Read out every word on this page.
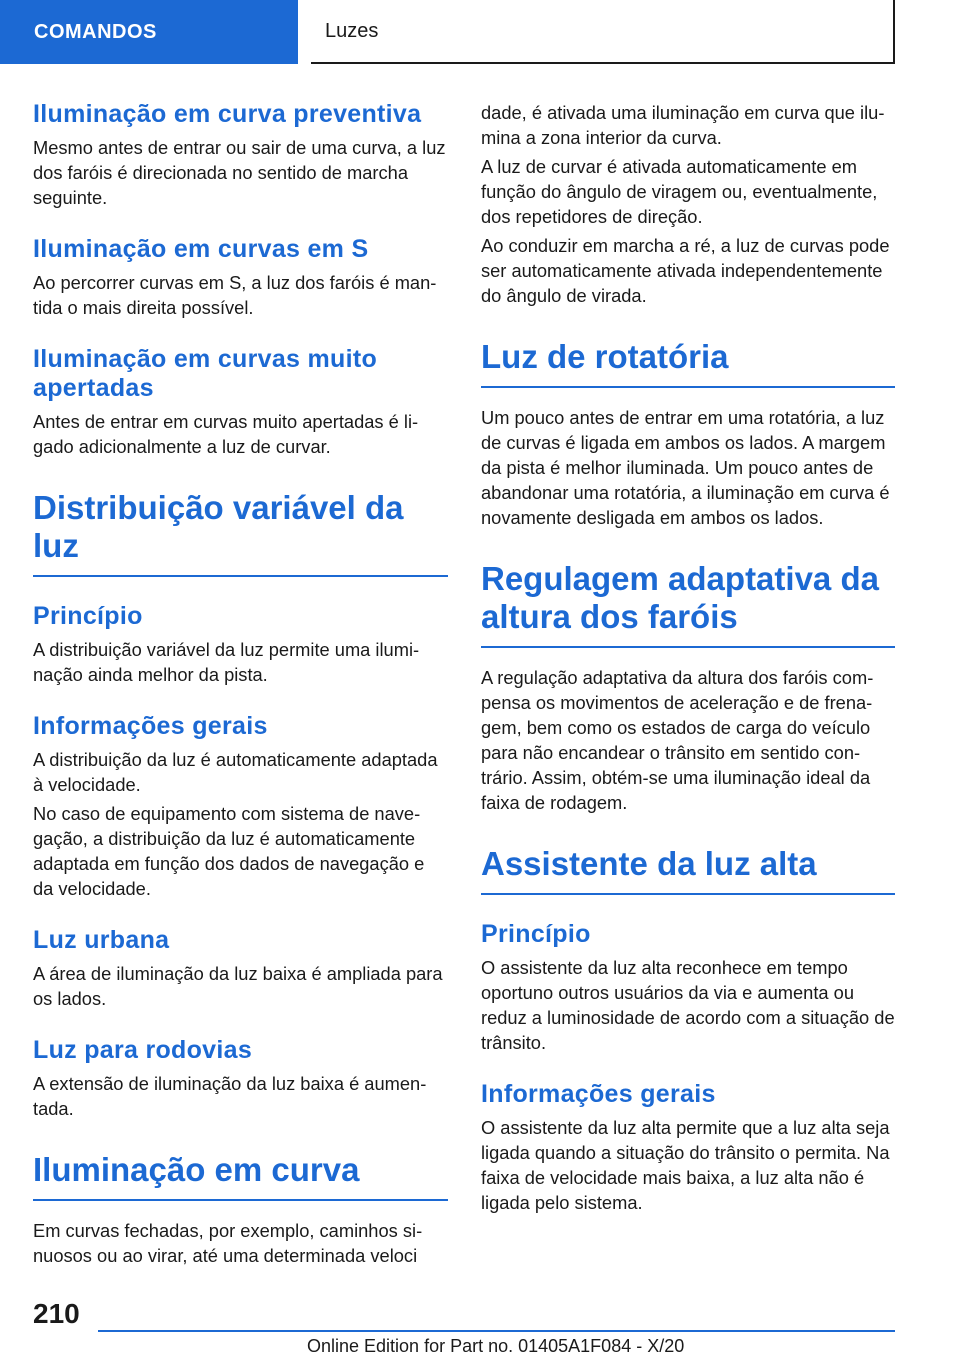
COMANDOS	Luzes
Iluminação em curva preventiva

Mesmo antes de entrar ou sair de uma curva, a luz dos faróis é direcionada no sentido de marcha seguinte.

Iluminação em curvas em S

Ao percorrer curvas em S, a luz dos faróis é mantida o mais direita possível.

Iluminação em curvas muito apertadas

Antes de entrar em curvas muito apertadas é ligado adicionalmente a luz de curvar.

Distribuição variável da luz
Princípio

A distribuição variável da luz permite uma iluminação ainda melhor da pista.

Informações gerais

A distribuição da luz é automaticamente adaptada à velocidade.

No caso de equipamento com sistema de navegação, a distribuição da luz é automaticamente adaptada em função dos dados de navegação e da velocidade.

Luz urbana

A área de iluminação da luz baixa é ampliada para os lados.

Luz para rodovias

A extensão de iluminação da luz baixa é aumentada.

Iluminação em curva

Em curvas fechadas, por exemplo, caminhos sinuosos ou ao virar, até uma determinada veloci

dade, é ativada uma iluminação em curva que ilumina a zona interior da curva.

A luz de curvar é ativada automaticamente em função do ângulo de viragem ou, eventualmente, dos repetidores de direção.

Ao conduzir em marcha a ré, a luz de curvas pode ser automaticamente ativada independentemente do ângulo de virada.

Luz de rotatória

Um pouco antes de entrar em uma rotatória, a luz de curvas é ligada em ambos os lados. A margem da pista é melhor iluminada. Um pouco antes de abandonar uma rotatória, a iluminação em curva é novamente desligada em ambos os lados.

Regulagem adaptativa da altura dos faróis

A regulação adaptativa da altura dos faróis compensa os movimentos de aceleração e de frenagem, bem como os estados de carga do veículo para não encandear o trânsito em sentido contrário. Assim, obtém-se uma iluminação ideal da faixa de rodagem.

Assistente da luz alta
Princípio

O assistente da luz alta reconhece em tempo oportuno outros usuários da via e aumenta ou reduz a luminosidade de acordo com a situação de trânsito.

Informações gerais

O assistente da luz alta permite que a luz alta seja ligada quando a situação do trânsito o permita. Na faixa de velocidade mais baixa, a luz alta não é ligada pelo sistema.

210
Online Edition for Part no. 01405A1F084 - X/20
